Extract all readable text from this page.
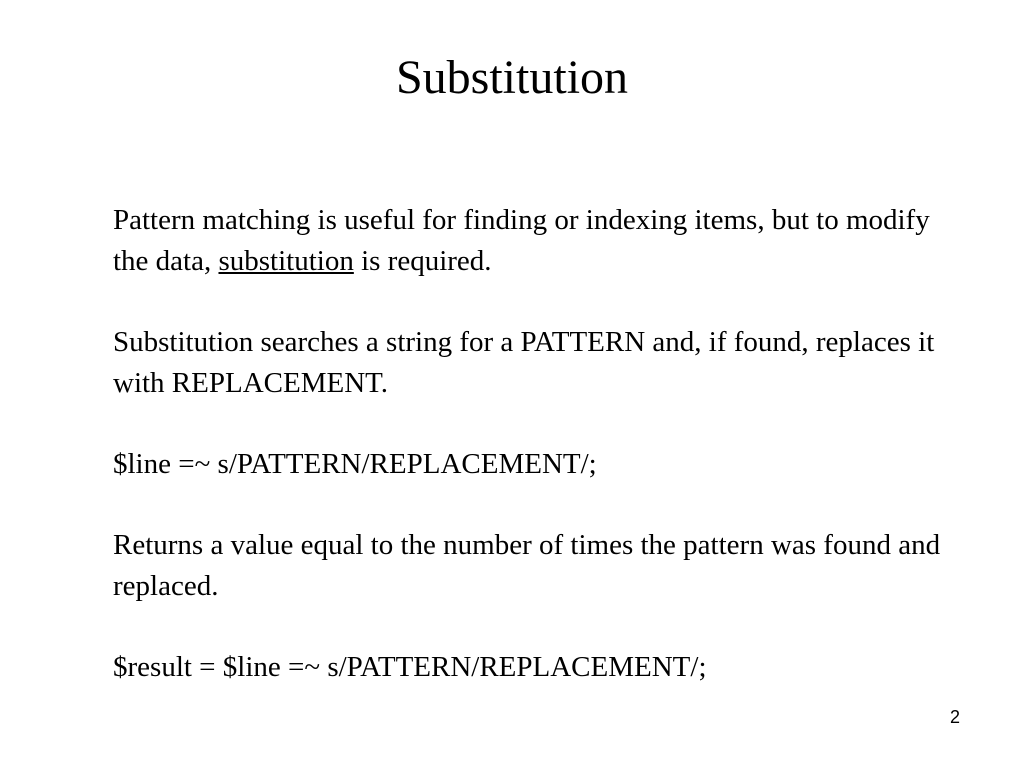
Substitution

Pattern matching is useful for finding or indexing items, but to modify the data, substitution is required.

Substitution searches a string for a PATTERN and, if found, replaces it with REPLACEMENT.

$line =~ s/PATTERN/REPLACEMENT/;

Returns a value equal to the number of times the pattern was found and replaced.

$result = $line =~ s/PATTERN/REPLACEMENT/;

2
